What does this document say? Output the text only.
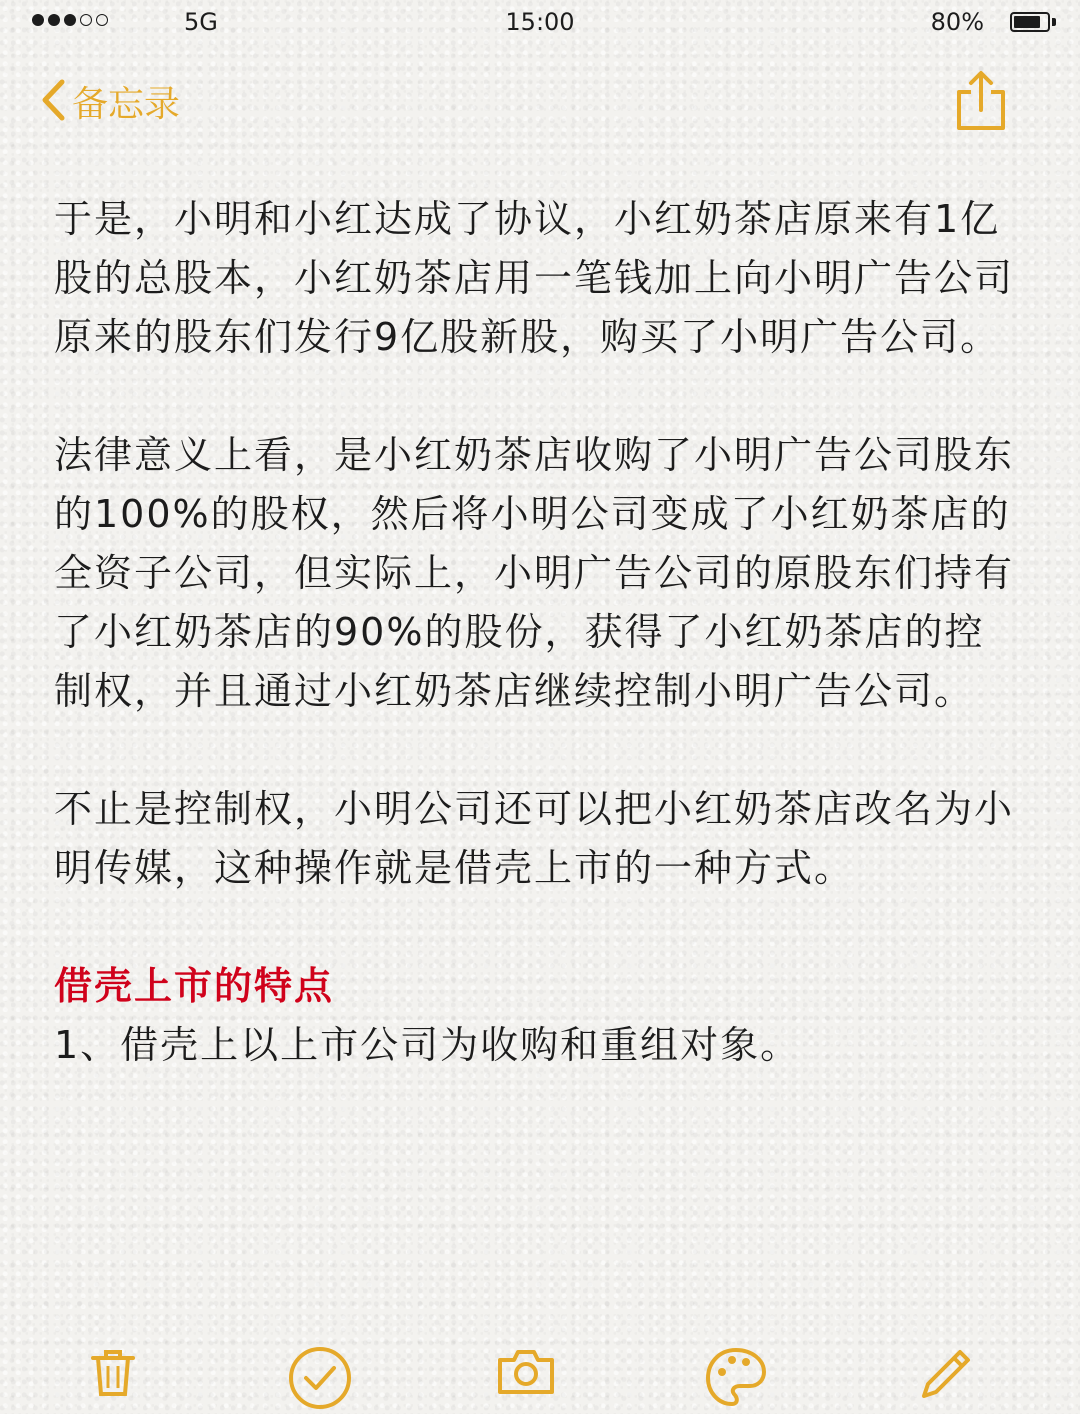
5G	15:00	80%
备忘录

于是，小明和小红达成了协议，小红奶茶店原来有1亿股的总股本，小红奶茶店用一笔钱加上向小明广告公司原来的股东们发行9亿股新股，购买了小明广告公司。

法律意义上看，是小红奶茶店收购了小明广告公司股东的100%的股权，然后将小明公司变成了小红奶茶店的全资子公司，但实际上，小明广告公司的原股东们持有了小红奶茶店的90%的股份，获得了小红奶茶店的控制权，并且通过小红奶茶店继续控制小明广告公司。

不止是控制权，小明公司还可以把小红奶茶店改名为小明传媒，这种操作就是借壳上市的一种方式。

借壳上市的特点

1、借壳上以上市公司为收购和重组对象。
